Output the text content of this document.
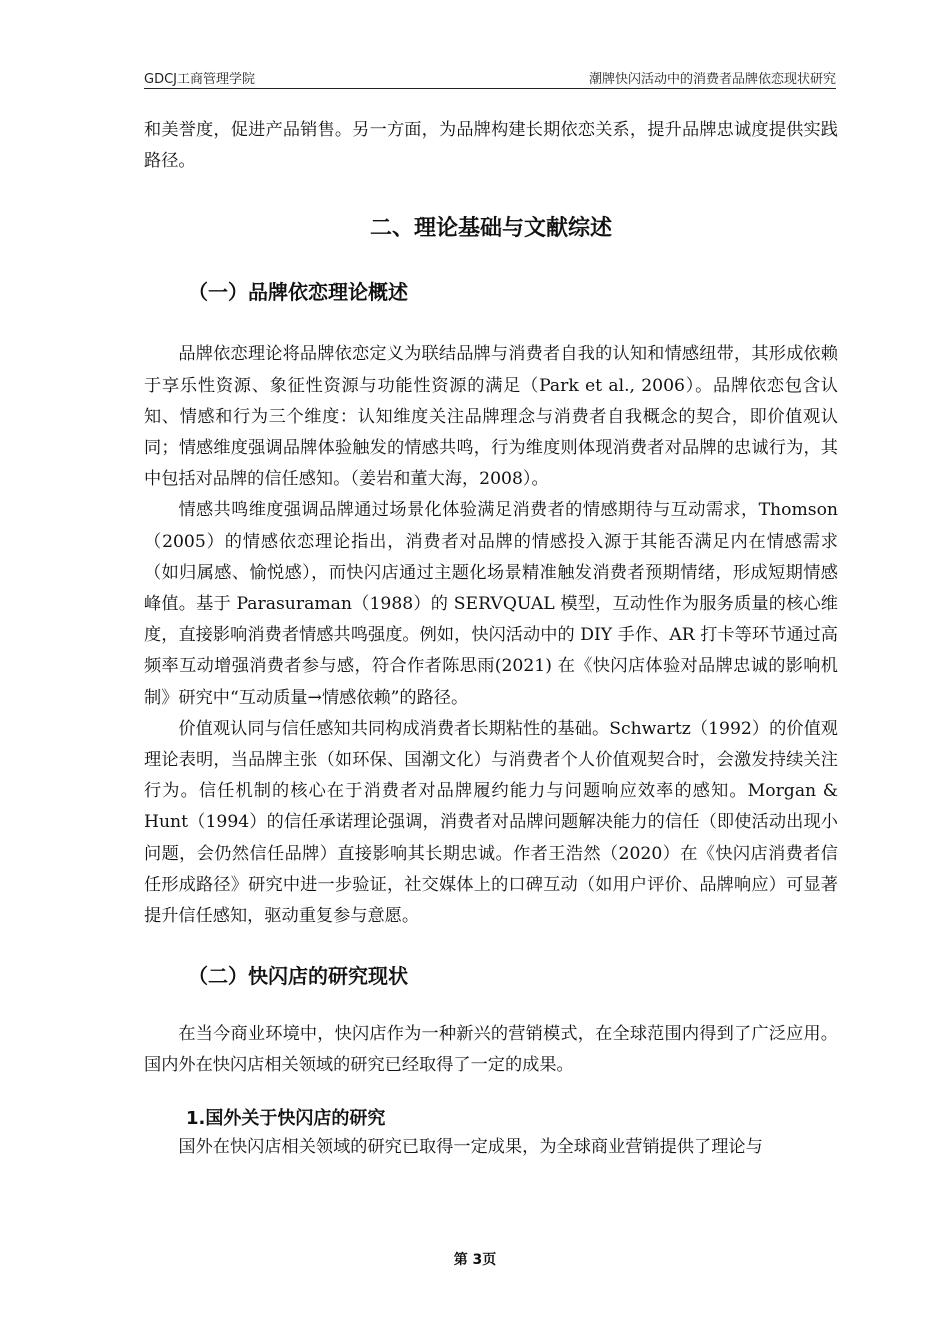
GDCJ工商管理学院	潮牌快闪活动中的消费者品牌依恋现状研究

和美誉度，促进产品销售。另一方面，为品牌构建长期依恋关系，提升品牌忠诚度提供实践路径。

二、理论基础与文献综述
（一）品牌依恋理论概述

品牌依恋理论将品牌依恋定义为联结品牌与消费者自我的认知和情感纽带，其形成依赖于享乐性资源、象征性资源与功能性资源的满足（Park et al., 2006）。品牌依恋包含认知、情感和行为三个维度：认知维度关注品牌理念与消费者自我概念的契合，即价值观认同；情感维度强调品牌体验触发的情感共鸣，行为维度则体现消费者对品牌的忠诚行为，其中包括对品牌的信任感知。（姜岩和董大海，2008）。

情感共鸣维度强调品牌通过场景化体验满足消费者的情感期待与互动需求，Thomson（2005）的情感依恋理论指出，消费者对品牌的情感投入源于其能否满足内在情感需求（如归属感、愉悦感），而快闪店通过主题化场景精准触发消费者预期情绪，形成短期情感峰值。基于 Parasuraman（1988）的 SERVQUAL 模型，互动性作为服务质量的核心维度，直接影响消费者情感共鸣强度。例如，快闪活动中的 DIY 手作、AR 打卡等环节通过高频率互动增强消费者参与感，符合作者陈思雨(2021) 在《快闪店体验对品牌忠诚的影响机制》研究中“互动质量→情感依赖”的路径。

价值观认同与信任感知共同构成消费者长期粘性的基础。Schwartz（1992）的价值观理论表明，当品牌主张（如环保、国潮文化）与消费者个人价值观契合时，会激发持续关注行为。信任机制的核心在于消费者对品牌履约能力与问题响应效率的感知。Morgan & Hunt（1994）的信任承诺理论强调，消费者对品牌问题解决能力的信任（即使活动出现小问题，会仍然信任品牌）直接影响其长期忠诚。作者王浩然（2020）在《快闪店消费者信任形成路径》研究中进一步验证，社交媒体上的口碑互动（如用户评价、品牌响应）可显著提升信任感知，驱动重复参与意愿。

（二）快闪店的研究现状

在当今商业环境中，快闪店作为一种新兴的营销模式，在全球范围内得到了广泛应用。国内外在快闪店相关领域的研究已经取得了一定的成果。

1.国外关于快闪店的研究

国外在快闪店相关领域的研究已取得一定成果，为全球商业营销提供了理论与

第 3页
